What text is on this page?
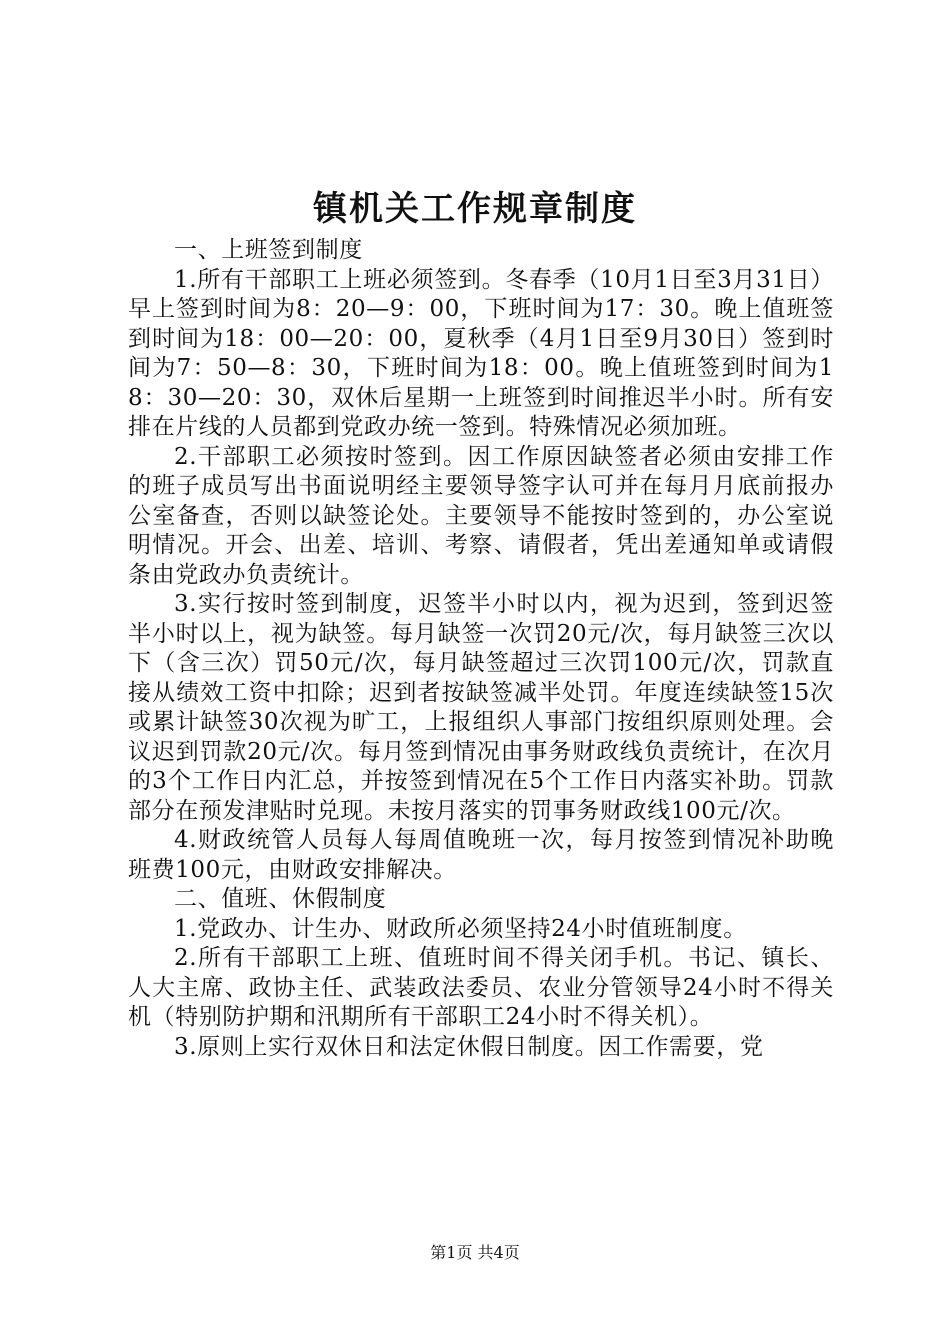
镇机关工作规章制度

一、上班签到制度

1.所有干部职工上班必须签到。冬春季（10月1日至3月31日）早上签到时间为8：20—9：00，下班时间为17：30。晚上值班签到时间为18：00—20：00，夏秋季（4月1日至9月30日）签到时间为7：50—8：30，下班时间为18：00。晚上值班签到时间为18：30—20：30，双休后星期一上班签到时间推迟半小时。所有安排在片线的人员都到党政办统一签到。特殊情况必须加班。

2.干部职工必须按时签到。因工作原因缺签者必须由安排工作的班子成员写出书面说明经主要领导签字认可并在每月月底前报办公室备查，否则以缺签论处。主要领导不能按时签到的，办公室说明情况。开会、出差、培训、考察、请假者，凭出差通知单或请假条由党政办负责统计。

3.实行按时签到制度，迟签半小时以内，视为迟到，签到迟签半小时以上，视为缺签。每月缺签一次罚20元/次，每月缺签三次以下（含三次）罚50元/次，每月缺签超过三次罚100元/次，罚款直接从绩效工资中扣除；迟到者按缺签减半处罚。年度连续缺签15次或累计缺签30次视为旷工，上报组织人事部门按组织原则处理。会议迟到罚款20元/次。每月签到情况由事务财政线负责统计，在次月的3个工作日内汇总，并按签到情况在5个工作日内落实补助。罚款部分在预发津贴时兑现。未按月落实的罚事务财政线100元/次。

4.财政统管人员每人每周值晚班一次，每月按签到情况补助晚班费100元，由财政安排解决。

二、值班、休假制度

1.党政办、计生办、财政所必须坚持24小时值班制度。

2.所有干部职工上班、值班时间不得关闭手机。书记、镇长、人大主席、政协主任、武装政法委员、农业分管领导24小时不得关机（特别防护期和汛期所有干部职工24小时不得关机）。

3.原则上实行双休日和法定休假日制度。因工作需要，党

第1页 共4页
